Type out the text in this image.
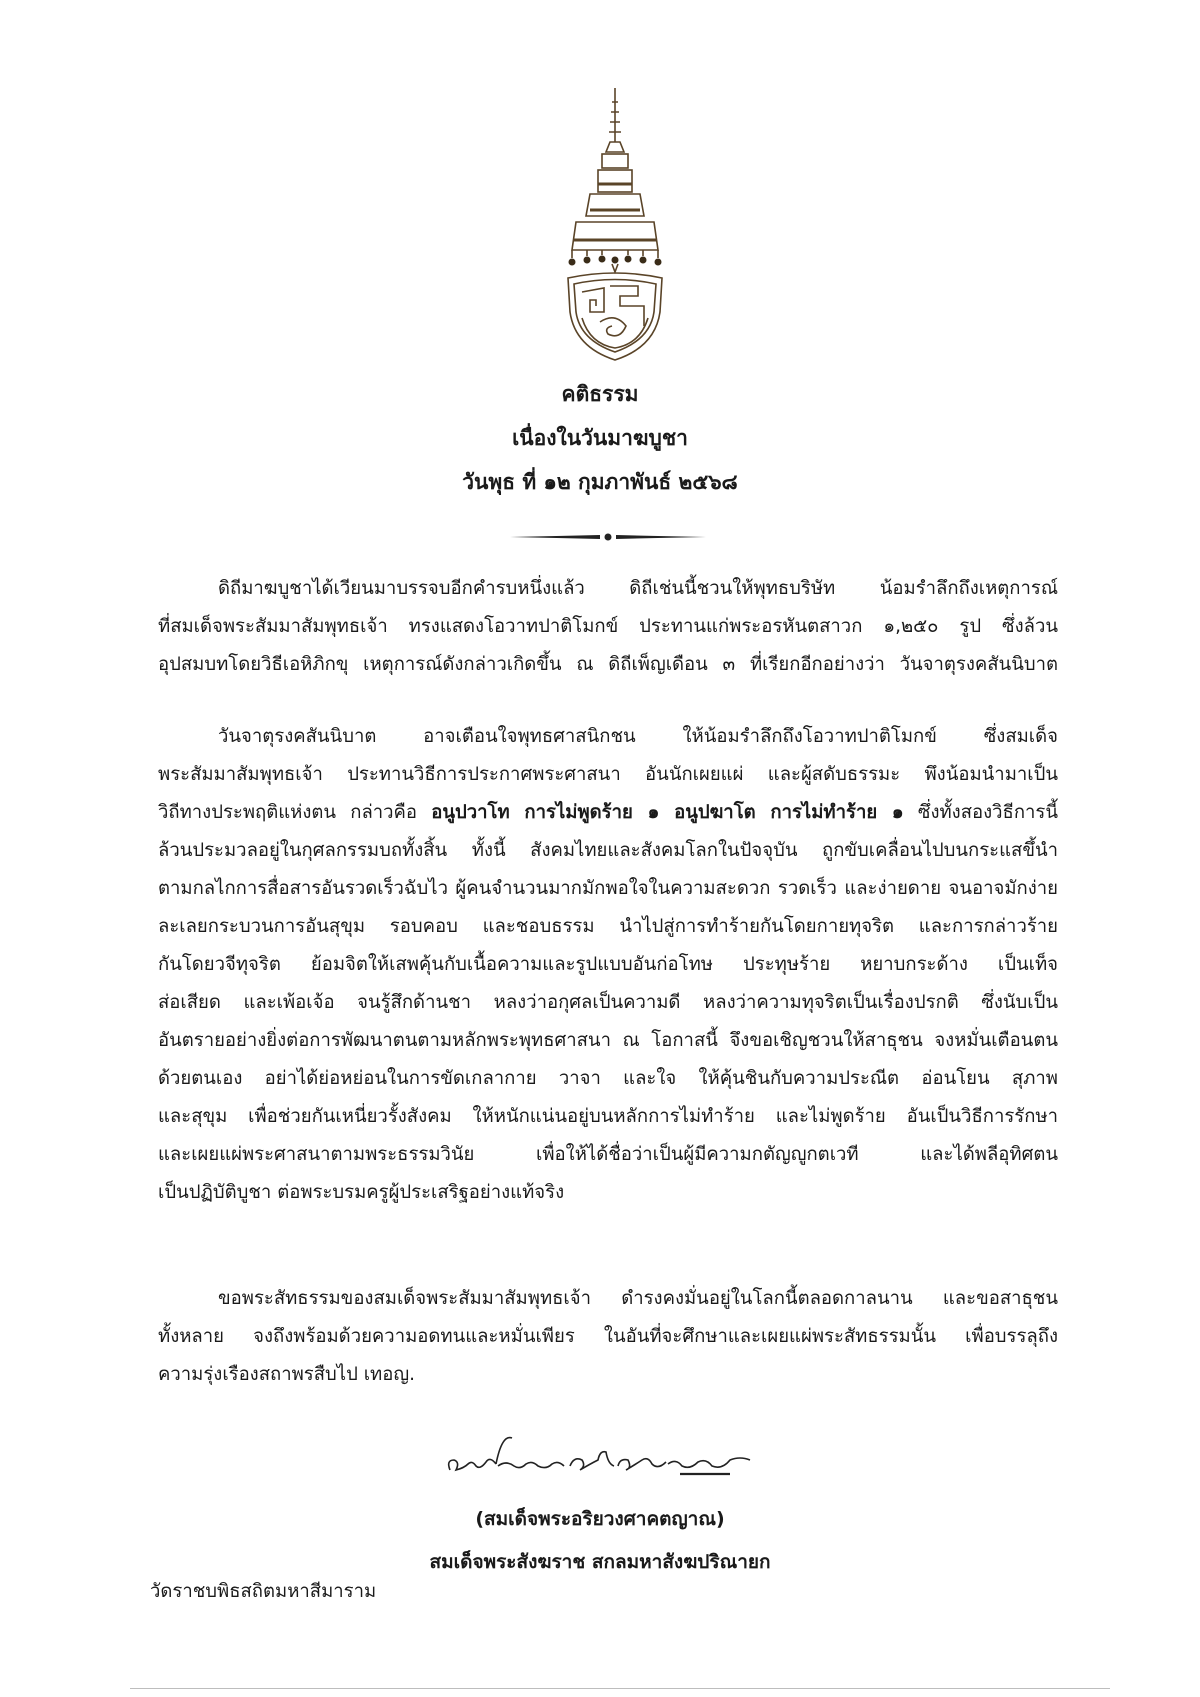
คติธรรม
เนื่องในวันมาฆบูชา
วันพุธ ที่ ๑๒ กุมภาพันธ์ ๒๕๖๘
ดิถีมาฆบูชาได้เวียนมาบรรจบอีกคำรบหนึ่งแล้ว ดิถีเช่นนี้ชวนให้พุทธบริษัท น้อมรำลึกถึงเหตุการณ์
ที่สมเด็จพระสัมมาสัมพุทธเจ้า ทรงแสดงโอวาทปาติโมกข์ ประทานแก่พระอรหันตสาวก ๑,๒๕๐ รูป ซึ่งล้วน
อุปสมบทโดยวิธีเอหิภิกขุ เหตุการณ์ดังกล่าวเกิดขึ้น ณ ดิถีเพ็ญเดือน ๓ ที่เรียกอีกอย่างว่า วันจาตุรงคสันนิบาต
วันจาตุรงคสันนิบาต อาจเตือนใจพุทธศาสนิกชน ให้น้อมรำลึกถึงโอวาทปาติโมกข์ ซึ่งสมเด็จ
พระสัมมาสัมพุทธเจ้า ประทานวิธีการประกาศพระศาสนา อันนักเผยแผ่ และผู้สดับธรรมะ พึงน้อมนำมาเป็น
วิถีทางประพฤติแห่งตน กล่าวคือ อนูปวาโท การไม่พูดร้าย ๑ อนูปฆาโต การไม่ทำร้าย ๑ ซึ่งทั้งสองวิธีการนี้
ล้วนประมวลอยู่ในกุศลกรรมบถทั้งสิ้น ทั้งนี้ สังคมไทยและสังคมโลกในปัจจุบัน ถูกขับเคลื่อนไปบนกระแสขึ้นำ
ตามกลไกการสื่อสารอันรวดเร็วฉับไว ผู้คนจำนวนมากมักพอใจในความสะดวก รวดเร็ว และง่ายดาย จนอาจมักง่าย
ละเลยกระบวนการอันสุขุม รอบคอบ และชอบธรรม นำไปสู่การทำร้ายกันโดยกายทุจริต และการกล่าวร้าย
กันโดยวจีทุจริต ย้อมจิตให้เสพคุ้นกับเนื้อความและรูปแบบอันก่อโทษ ประทุษร้าย หยาบกระด้าง เป็นเท็จ
ส่อเสียด และเพ้อเจ้อ จนรู้สึกด้านชา หลงว่าอกุศลเป็นความดี หลงว่าความทุจริตเป็นเรื่องปรกติ ซึ่งนับเป็น
อันตรายอย่างยิ่งต่อการพัฒนาตนตามหลักพระพุทธศาสนา ณ โอกาสนี้ จึงขอเชิญชวนให้สาธุชน จงหมั่นเตือนตน
ด้วยตนเอง อย่าได้ย่อหย่อนในการขัดเกลากาย วาจา และใจ ให้คุ้นชินกับความประณีต อ่อนโยน สุภาพ
และสุขุม เพื่อช่วยกันเหนี่ยวรั้งสังคม ให้หนักแน่นอยู่บนหลักการไม่ทำร้าย และไม่พูดร้าย อันเป็นวิธีการรักษา
และเผยแผ่พระศาสนาตามพระธรรมวินัย เพื่อให้ได้ชื่อว่าเป็นผู้มีความกตัญญูกตเวที และได้พลีอุทิศตน
เป็นปฏิบัติบูชา ต่อพระบรมครูผู้ประเสริฐอย่างแท้จริง
ขอพระสัทธรรมของสมเด็จพระสัมมาสัมพุทธเจ้า ดำรงคงมั่นอยู่ในโลกนี้ตลอดกาลนาน และขอสาธุชน
ทั้งหลาย จงถึงพร้อมด้วยความอดทนและหมั่นเพียร ในอันที่จะศึกษาและเผยแผ่พระสัทธรรมนั้น เพื่อบรรลุถึง
ความรุ่งเรืองสถาพรสืบไป เทอญ.
(สมเด็จพระอริยวงศาคตญาณ)
สมเด็จพระสังฆราช สกลมหาสังฆปริณายก
วัดราชบพิธสถิตมหาสีมาราม
